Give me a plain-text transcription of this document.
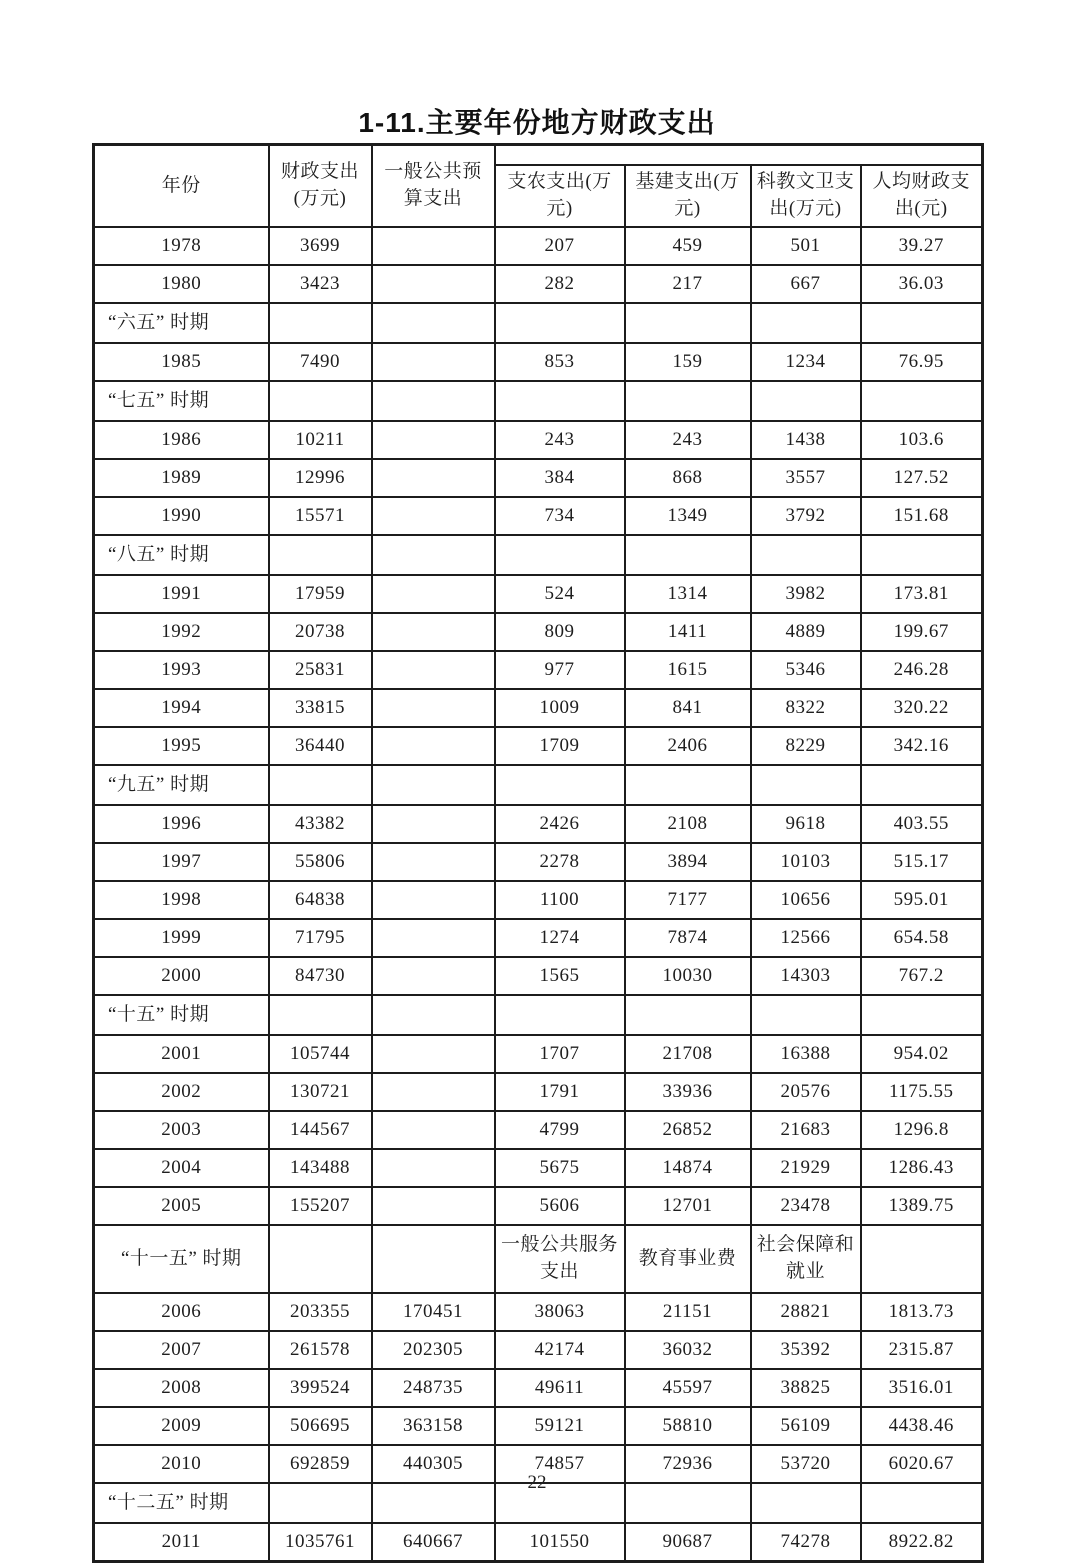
1-11.主要年份地方财政支出
年份	财政支出(万元)	一般公共预算支出				
			支农支出(万元)	基建支出(万元)	科教文卫支出(万元)	人均财政支出(元)
1978	3699		207	459	501	39.27
1980	3423		282	217	667	36.03
“六五” 时期						
1985	7490		853	159	1234	76.95
“七五” 时期						
1986	10211		243	243	1438	103.6
1989	12996		384	868	3557	127.52
1990	15571		734	1349	3792	151.68
“八五” 时期						
1991	17959		524	1314	3982	173.81
1992	20738		809	1411	4889	199.67
1993	25831		977	1615	5346	246.28
1994	33815		1009	841	8322	320.22
1995	36440		1709	2406	8229	342.16
“九五” 时期						
1996	43382		2426	2108	9618	403.55
1997	55806		2278	3894	10103	515.17
1998	64838		1100	7177	10656	595.01
1999	71795		1274	7874	12566	654.58
2000	84730		1565	10030	14303	767.2
“十五” 时期						
2001	105744		1707	21708	16388	954.02
2002	130721		1791	33936	20576	1175.55
2003	144567		4799	26852	21683	1296.8
2004	143488		5675	14874	21929	1286.43
2005	155207		5606	12701	23478	1389.75
“十一五” 时期			一般公共服务支出	教育事业费	社会保障和就业	
2006	203355	170451	38063	21151	28821	1813.73
2007	261578	202305	42174	36032	35392	2315.87
2008	399524	248735	49611	45597	38825	3516.01
2009	506695	363158	59121	58810	56109	4438.46
2010	692859	440305	74857	72936	53720	6020.67
“十二五” 时期						
2011	1035761	640667	101550	90687	74278	8922.82
22
